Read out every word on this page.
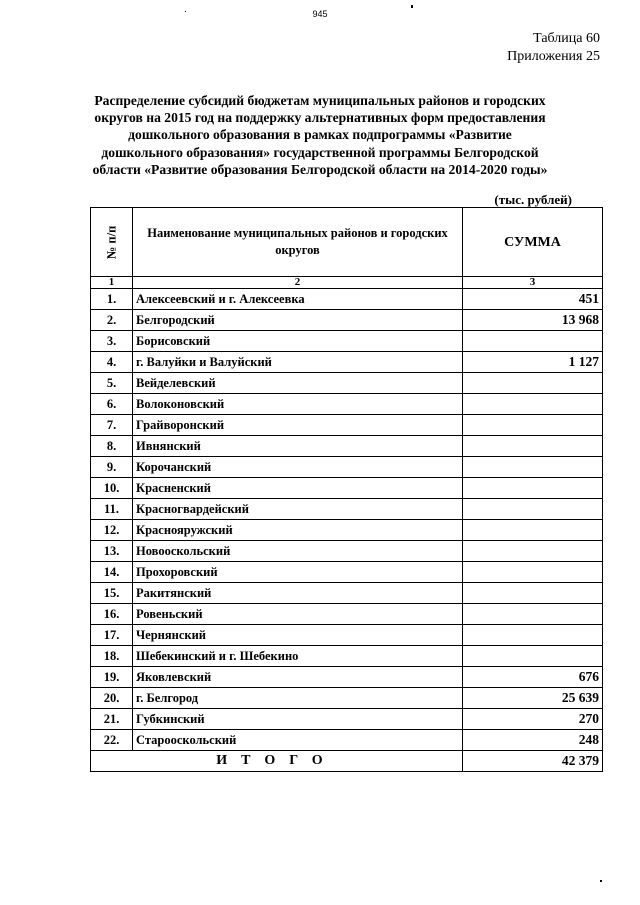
945
Таблица 60
Приложения 25
Распределение субсидий бюджетам муниципальных районов и городских округов на 2015 год на поддержку альтернативных форм предоставления дошкольного образования в рамках подпрограммы «Развитие дошкольного образования» государственной программы Белгородской области «Развитие образования Белгородской области на 2014-2020 годы»
(тыс. рублей)
№ п/п	Наименование муниципальных районов и городских округов	СУММА
1	2	3
1.	Алексеевский и г. Алексеевка	451
2.	Белгородский	13 968
3.	Борисовский	
4.	г. Валуйки и Валуйский	1 127
5.	Вейделевский	
6.	Волоконовский	
7.	Грайворонский	
8.	Ивнянский	
9.	Корочанский	
10.	Красненский	
11.	Красногвардейский	
12.	Краснояружский	
13.	Новооскольский	
14.	Прохоровский	
15.	Ракитянский	
16.	Ровеньский	
17.	Чернянский	
18.	Шебекинский и г. Шебекино	
19.	Яковлевский	676
20.	г. Белгород	25 639
21.	Губкинский	270
22.	Старооскольский	248
ИТОГО		42 379
